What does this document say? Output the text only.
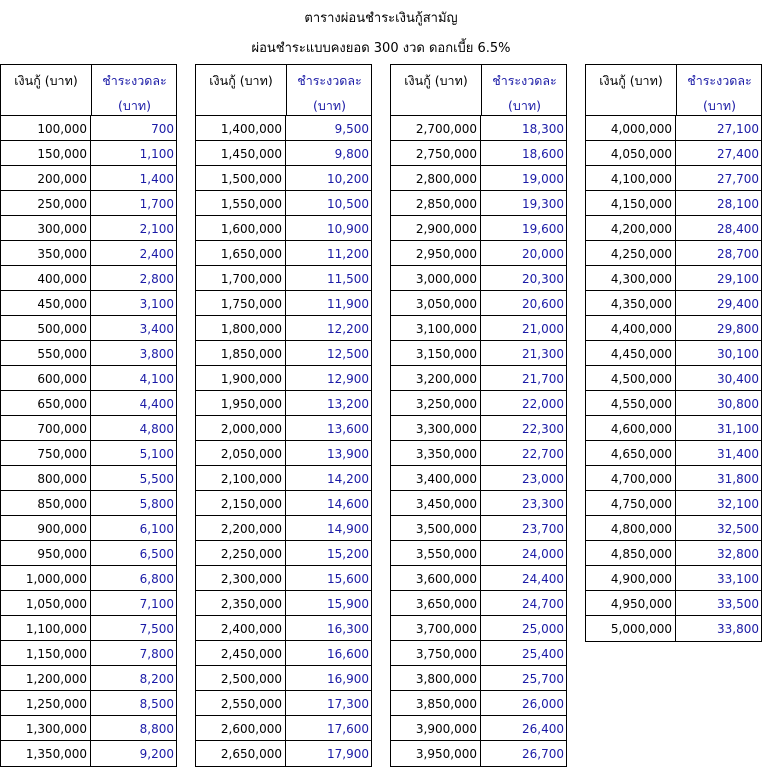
ตารางผ่อนชำระเงินกู้สามัญ
ผ่อนชำระแบบคงยอด 300 งวด ดอกเบี้ย 6.5%
เงินกู้ (บาท)	ชำระงวดละ
(บาท)
100,000	700
150,000	1,100
200,000	1,400
250,000	1,700
300,000	2,100
350,000	2,400
400,000	2,800
450,000	3,100
500,000	3,400
550,000	3,800
600,000	4,100
650,000	4,400
700,000	4,800
750,000	5,100
800,000	5,500
850,000	5,800
900,000	6,100
950,000	6,500
1,000,000	6,800
1,050,000	7,100
1,100,000	7,500
1,150,000	7,800
1,200,000	8,200
1,250,000	8,500
1,300,000	8,800
1,350,000	9,200
เงินกู้ (บาท)	ชำระงวดละ
(บาท)
1,400,000	9,500
1,450,000	9,800
1,500,000	10,200
1,550,000	10,500
1,600,000	10,900
1,650,000	11,200
1,700,000	11,500
1,750,000	11,900
1,800,000	12,200
1,850,000	12,500
1,900,000	12,900
1,950,000	13,200
2,000,000	13,600
2,050,000	13,900
2,100,000	14,200
2,150,000	14,600
2,200,000	14,900
2,250,000	15,200
2,300,000	15,600
2,350,000	15,900
2,400,000	16,300
2,450,000	16,600
2,500,000	16,900
2,550,000	17,300
2,600,000	17,600
2,650,000	17,900
เงินกู้ (บาท)	ชำระงวดละ
(บาท)
2,700,000	18,300
2,750,000	18,600
2,800,000	19,000
2,850,000	19,300
2,900,000	19,600
2,950,000	20,000
3,000,000	20,300
3,050,000	20,600
3,100,000	21,000
3,150,000	21,300
3,200,000	21,700
3,250,000	22,000
3,300,000	22,300
3,350,000	22,700
3,400,000	23,000
3,450,000	23,300
3,500,000	23,700
3,550,000	24,000
3,600,000	24,400
3,650,000	24,700
3,700,000	25,000
3,750,000	25,400
3,800,000	25,700
3,850,000	26,000
3,900,000	26,400
3,950,000	26,700
เงินกู้ (บาท)	ชำระงวดละ
(บาท)
4,000,000	27,100
4,050,000	27,400
4,100,000	27,700
4,150,000	28,100
4,200,000	28,400
4,250,000	28,700
4,300,000	29,100
4,350,000	29,400
4,400,000	29,800
4,450,000	30,100
4,500,000	30,400
4,550,000	30,800
4,600,000	31,100
4,650,000	31,400
4,700,000	31,800
4,750,000	32,100
4,800,000	32,500
4,850,000	32,800
4,900,000	33,100
4,950,000	33,500
5,000,000	33,800
